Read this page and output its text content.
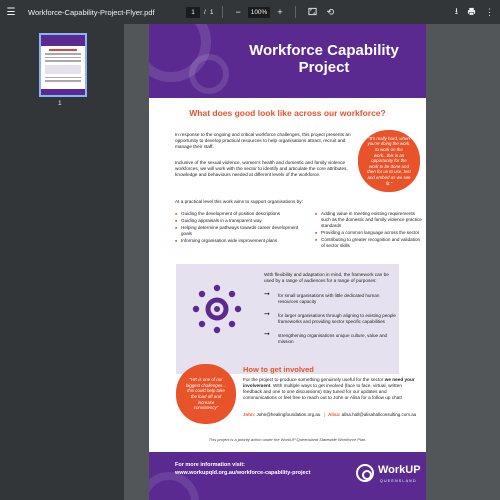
☰	Workforce-Capability-Project-Flyer.pdf	1	/ 1	−	100%	+	⟲	⭳	⋮
1
Workforce Capability Project
What does good look like across our workforce?
In response to the ongoing and critical workforce challenges, this project presents an opportunity to develop practical resources to help organisations attract, recruit and manage their staff.
Inclusive of the sexual violence, women’s health and domestic and family violence workforces, we will work with the sector to identify and articulate the core attributes, knowledge and behaviours needed at different levels of the workforce.
“It’s really hard, when you’re doing the work, to work on the work...this is an opportunity for the work to be done and then for us to use, test and embed as we see fit.”
At a practical level this work aims to support organisations by:
■ Guiding the development of position descriptions
■ Guiding appraisals in a transparent way
■ Helping determine pathways towards career development goals
■ Informing organisation wide improvement plans
■ Adding value in meeting existing requirements such as the domestic and family violence practice standards
■ Providing a common language across the sector
■ Contributing to greater recognition and validation of sector skills
With flexibility and adaptation in mind, the framework can be used by a range of audiences for a range of purposes:
➞ for small organisations with little dedicated human resources capacity
➞ for larger organisations through aligning to existing people frameworks and providing sector specific capabilities
➞ strengthening organisations unique culture, value and mission
“HR is one of our biggest challenges... this could help take the load off and increase consistency”
How to get involved
For the project to produce something genuinely useful for the sector we need your involvement. With multiple ways to get involved (face to face, virtual, written feedback and one to one discussions) stay tuned for our updates and communications or feel free to reach out to John or Alisa for a follow up chat!
John: John@healingfoundation.org.au | Alisa: alisa.hall@alisahallconsulting.com.au
This project is a priority action under the WorkUP Queensland Statewide Workforce Plan.
For more information visit:
www.workupqld.org.au/workforce-capability-project	WorkUP
QUEENSLAND
